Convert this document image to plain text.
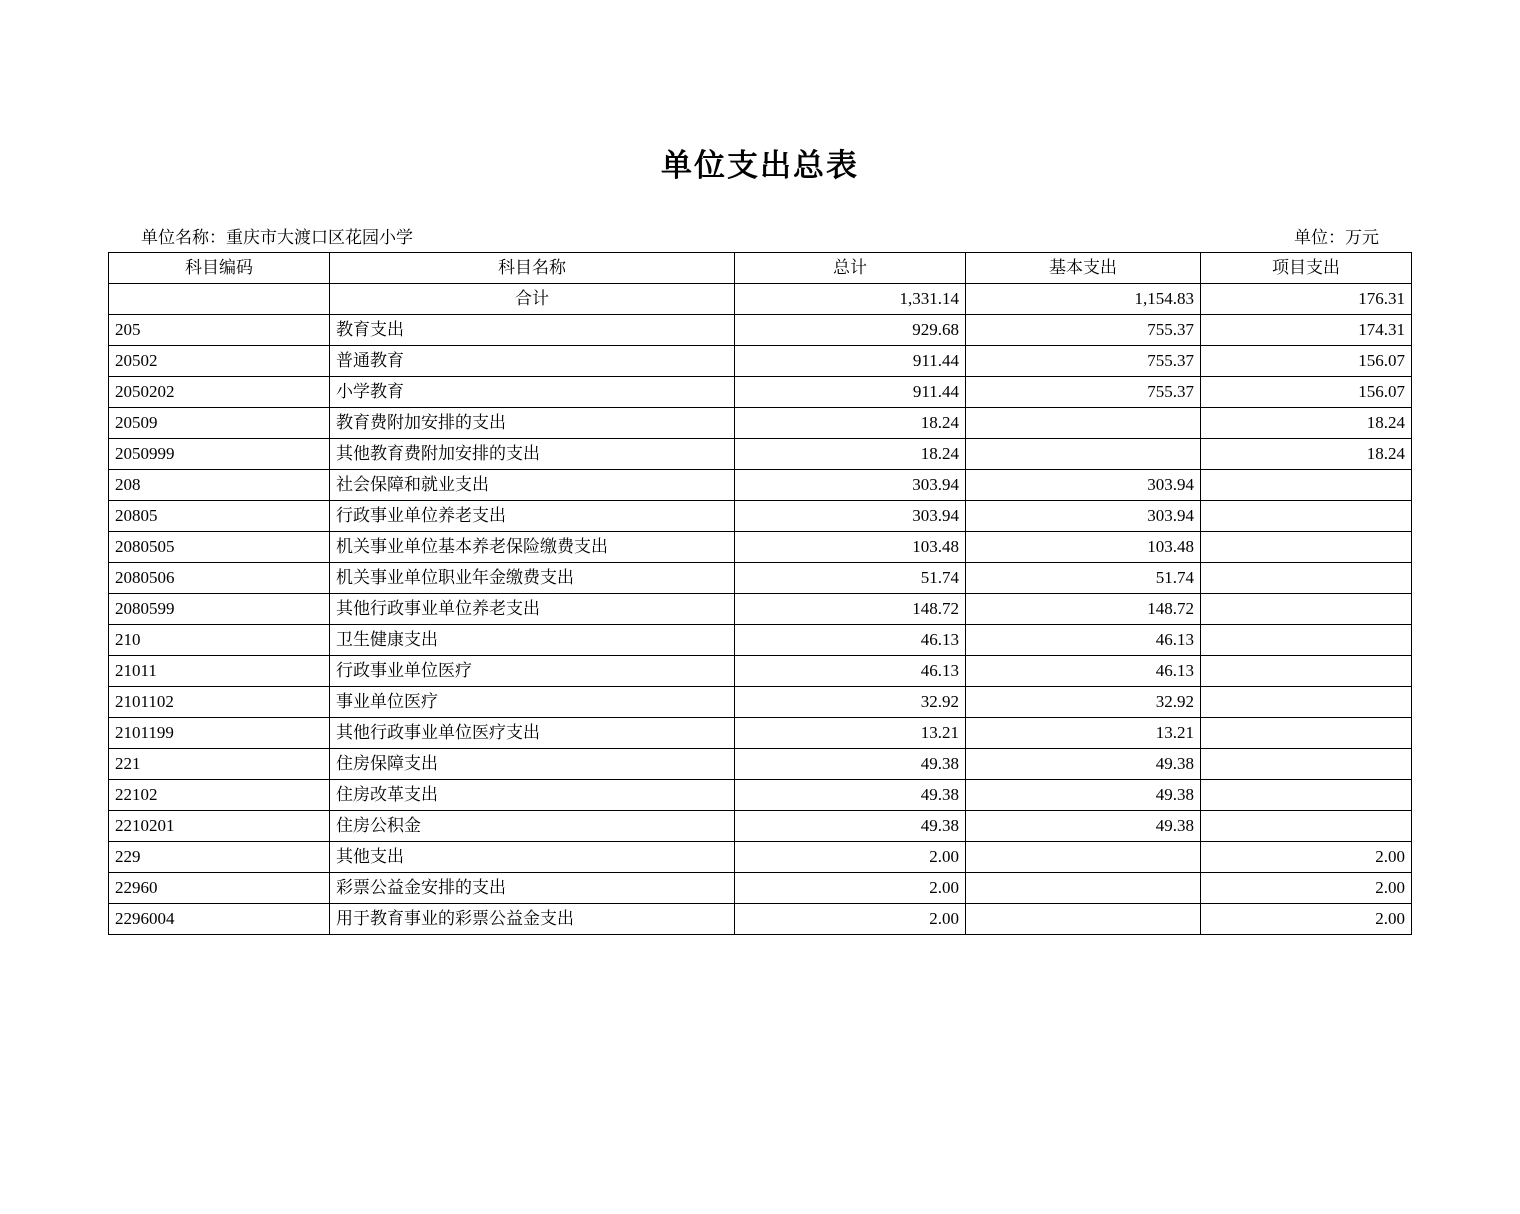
单位支出总表
单位名称：重庆市大渡口区花园小学	单位：万元
科目编码	科目名称	总计	基本支出	项目支出
	合计	1,331.14	1,154.83	176.31
205	教育支出	929.68	755.37	174.31
20502	普通教育	911.44	755.37	156.07
2050202	小学教育	911.44	755.37	156.07
20509	教育费附加安排的支出	18.24		18.24
2050999	其他教育费附加安排的支出	18.24		18.24
208	社会保障和就业支出	303.94	303.94	
20805	行政事业单位养老支出	303.94	303.94	
2080505	机关事业单位基本养老保险缴费支出	103.48	103.48	
2080506	机关事业单位职业年金缴费支出	51.74	51.74	
2080599	其他行政事业单位养老支出	148.72	148.72	
210	卫生健康支出	46.13	46.13	
21011	行政事业单位医疗	46.13	46.13	
2101102	事业单位医疗	32.92	32.92	
2101199	其他行政事业单位医疗支出	13.21	13.21	
221	住房保障支出	49.38	49.38	
22102	住房改革支出	49.38	49.38	
2210201	住房公积金	49.38	49.38	
229	其他支出	2.00		2.00
22960	彩票公益金安排的支出	2.00		2.00
2296004	用于教育事业的彩票公益金支出	2.00		2.00
